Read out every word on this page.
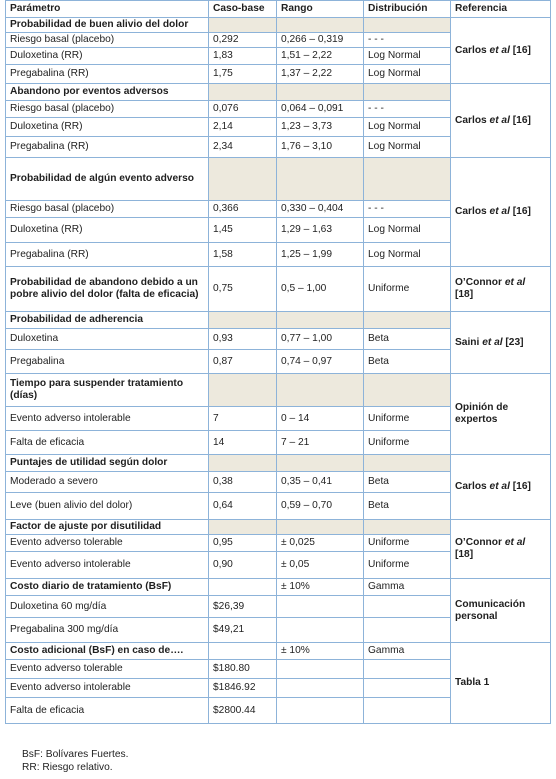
Parámetro	Caso-base	Rango	Distribución	Referencia
Probabilidad de buen alivio del dolor				Carlos et al [16]
Riesgo basal (placebo)	0,292	0,266 – 0,319	- - -	
Duloxetina (RR)	1,83	1,51 – 2,22	Log Normal	
Pregabalina (RR)	1,75	1,37 – 2,22	Log Normal	
Abandono por eventos adversos				Carlos et al [16]
Riesgo basal (placebo)	0,076	0,064 – 0,091	- - -	
Duloxetina (RR)	2,14	1,23 – 3,73	Log Normal	
Pregabalina (RR)	2,34	1,76 – 3,10	Log Normal	
Probabilidad de algún evento adverso				Carlos et al [16]
Riesgo basal (placebo)	0,366	0,330 – 0,404	- - -	
Duloxetina (RR)	1,45	1,29 – 1,63	Log Normal	
Pregabalina (RR)	1,58	1,25 – 1,99	Log Normal	
Probabilidad de abandono debido a un pobre alivio del dolor (falta de eficacia)	0,75	0,5 – 1,00	Uniforme	O’Connor et al [18]
Probabilidad de adherencia				Saini et al [23]
Duloxetina	0,93	0,77 – 1,00	Beta	
Pregabalina	0,87	0,74 – 0,97	Beta	
Tiempo para suspender tratamiento (días)				Opinión de expertos
Evento adverso intolerable	7	0 – 14	Uniforme	
Falta de eficacia	14	7 – 21	Uniforme	
Puntajes de utilidad según dolor				Carlos et al [16]
Moderado a severo	0,38	0,35 – 0,41	Beta	
Leve (buen alivio del dolor)	0,64	0,59 – 0,70	Beta	
Factor de ajuste por disutilidad				O’Connor et al [18]
Evento adverso tolerable	0,95	± 0,025	Uniforme	
Evento adverso intolerable	0,90	± 0,05	Uniforme	
Costo diario de tratamiento (BsF)		± 10%	Gamma	Comunicación personal
Duloxetina 60 mg/día	$26,39			
Pregabalina 300 mg/día	$49,21			
Costo adicional (BsF) en caso de….		± 10%	Gamma	Tabla 1
Evento adverso tolerable	$180.80			
Evento adverso intolerable	$1846.92			
Falta de eficacia	$2800.44			
BsF: Bolívares Fuertes.
RR: Riesgo relativo.
